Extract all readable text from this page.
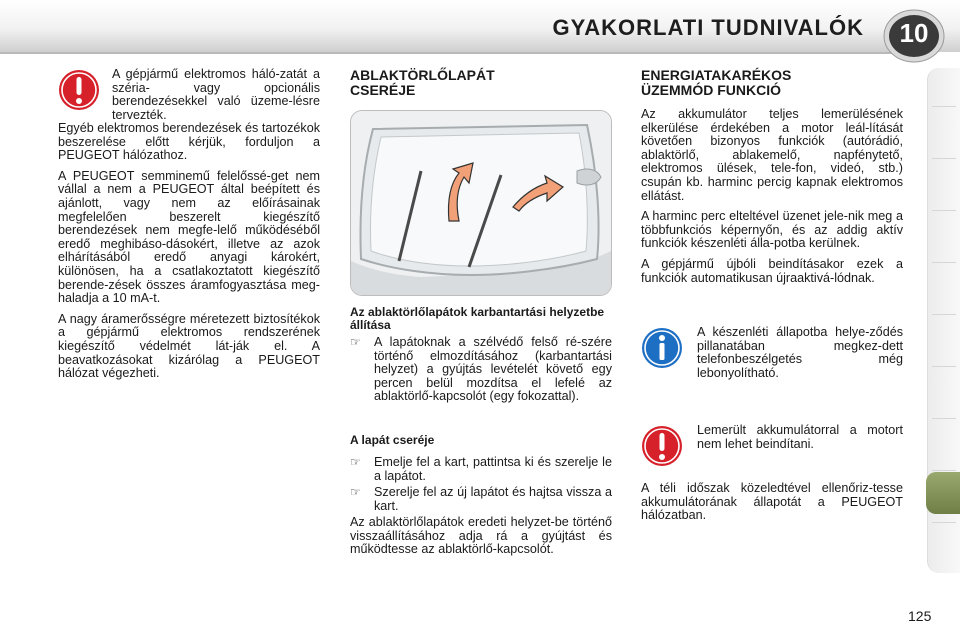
GYAKORLATI TUDNIVALÓK	10
A gépjármű elektromos háló-zatát a széria- vagy opcionális berendezésekkel való üzeme-lésre tervezték.

Egyéb elektromos berendezések és tartozékok beszerelése előtt kérjük, forduljon a PEUGEOT hálózathoz.

A PEUGEOT semminemű felelőssé-get nem vállal a nem a PEUGEOT által beépített és ajánlott, vagy nem az előírásainak megfelelően beszerelt kiegészítő berendezések nem megfe-lelő működéséből eredő meghibáso-dásokért, illetve az azok elhárításából eredő anyagi károkért, különösen, ha a csatlakoztatott kiegészítő berende-zések összes áramfogyasztása meg-haladja a 10 mA-t.

A nagy áramerősségre méretezett biztosítékok a gépjármű elektromos rendszerének kiegészítő védelmét lát-ják el. A beavatkozásokat kizárólag a PEUGEOT hálózat végezheti.

ABLAKTÖRLŐLAPÁT
CSERÉJE
Az ablaktörlőlapátok karbantartási helyzetbe állítása
☞ A lapátoknak a szélvédő felső ré-szére történő elmozdításához (karbantartási helyzet) a gyújtás levételét követő egy percen belül mozdítsa el lefelé az ablaktörlő-kapcsolót (egy fokozattal).
A lapát cseréje
☞ Emelje fel a kart, pattintsa ki és szerelje le a lapátot.
☞ Szerelje fel az új lapátot és hajtsa vissza a kart.
Az ablaktörlőlapátok eredeti helyzet-be történő visszaállításához adja rá a gyújtást és működtesse az ablaktörlő-kapcsolót.
ENERGIATAKARÉKOS
ÜZEMMÓD FUNKCIÓ

Az akkumulátor teljes lemerülésének elkerülése érdekében a motor leál-lítását követően bizonyos funkciók (autórádió, ablaktörlő, ablakemelő, napfénytető, elektromos ülések, tele-fon, videó, stb.) csupán kb. harminc percig kapnak elektromos ellátást.

A harminc perc elteltével üzenet jele-nik meg a többfunkciós képernyőn, és az addig aktív funkciók készenléti álla-potba kerülnek.

A gépjármű újbóli beindításakor ezek a funkciók automatikusan újraaktivá-lódnak.

A készenléti állapotba helye-ződés pillanatában megkez-dett telefonbeszélgetés még lebonyolítható.
Lemerült akkumulátorral a motort nem lehet beindítani.
A téli időszak közeledtével ellenőriz-tesse akkumulátorának állapotát a PEUGEOT hálózatban.
125
